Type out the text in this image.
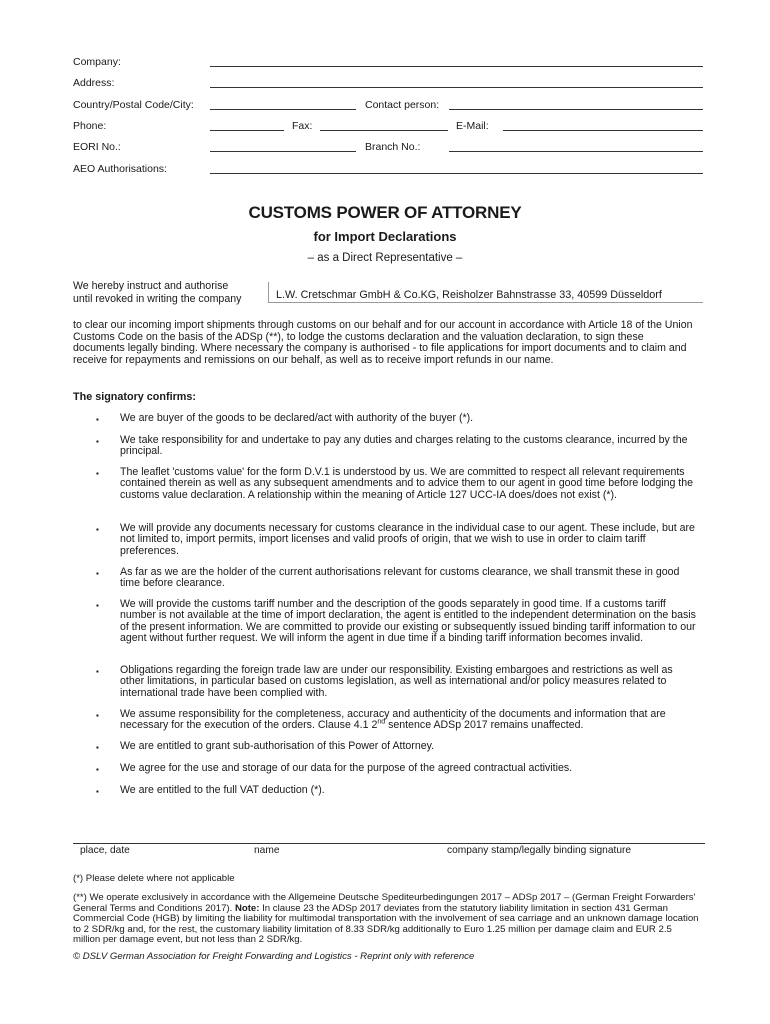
Company:
Address:
Country/Postal Code/City:	Contact person:
Phone:	Fax:	E-Mail:
EORI No.:	Branch No.:
AEO Authorisations:
CUSTOMS POWER OF ATTORNEY
for Import Declarations
– as a Direct Representative –
We hereby instruct and authorise
until revoked in writing the company	L.W. Cretschmar GmbH & Co.KG, Reisholzer Bahnstrasse 33, 40599 Düsseldorf
to clear our incoming import shipments through customs on our behalf and for our account in accordance with Article 18 of the Union Customs Code on the basis of the ADSp (**), to lodge the customs declaration and the valuation declaration, to sign these documents legally binding. Where necessary the company is authorised - to file applications for import documents and to claim and receive for repayments and remissions on our behalf, as well as to receive import refunds in our name.
The signatory confirms:
▪ We are buyer of the goods to be declared/act with authority of the buyer (*).
▪ We take responsibility for and undertake to pay any duties and charges relating to the customs clearance, incurred by the principal.
▪ The leaflet 'customs value' for the form D.V.1 is understood by us. We are committed to respect all relevant requirements contained therein as well as any subsequent amendments and to advice them to our agent in good time before lodging the customs value declaration. A relationship within the meaning of Article 127 UCC-IA does/does not exist (*).
▪ We will provide any documents necessary for customs clearance in the individual case to our agent. These include, but are not limited to, import permits, import licenses and valid proofs of origin, that we wish to use in order to claim tariff preferences.
▪ As far as we are the holder of the current authorisations relevant for customs clearance, we shall transmit these in good time before clearance.
▪ We will provide the customs tariff number and the description of the goods separately in good time. If a customs tariff number is not available at the time of import declaration, the agent is entitled to the independent determination on the basis of the present information. We are committed to provide our existing or subsequently issued binding tariff information to our agent without further request. We will inform the agent in due time if a binding tariff information becomes invalid.
▪ Obligations regarding the foreign trade law are under our responsibility. Existing embargoes and restrictions as well as other limitations, in particular based on customs legislation, as well as international and/or policy measures related to international trade have been complied with.
▪ We assume responsibility for the completeness, accuracy and authenticity of the documents and information that are necessary for the execution of the orders. Clause 4.1 2nd sentence ADSp 2017 remains unaffected.
▪ We are entitled to grant sub-authorisation of this Power of Attorney.
▪ We agree for the use and storage of our data for the purpose of the agreed contractual activities.
▪ We are entitled to the full VAT deduction (*).
place, date	name	company stamp/legally binding signature
(*) Please delete where not applicable
(**) We operate exclusively in accordance with the Allgemeine Deutsche Spediteurbedingungen 2017 – ADSp 2017 – (German Freight Forwarders' General Terms and Conditions 2017). Note: In clause 23 the ADSp 2017 deviates from the statutory liability limitation in section 431 German Commercial Code (HGB) by limiting the liability for multimodal transportation with the involvement of sea carriage and an unknown damage location to 2 SDR/kg and, for the rest, the customary liability limitation of 8.33 SDR/kg additionally to Euro 1.25 million per damage claim and EUR 2.5 million per damage event, but not less than 2 SDR/kg.
© DSLV German Association for Freight Forwarding and Logistics - Reprint only with reference
